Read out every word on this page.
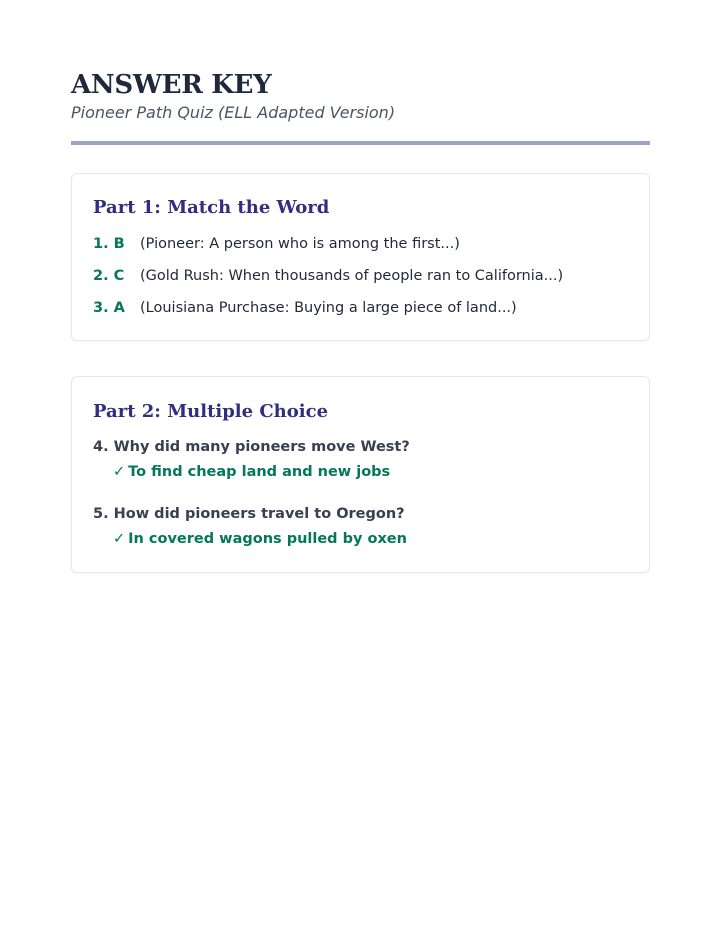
ANSWER KEY

Pioneer Path Quiz (ELL Adapted Version)

Part 1: Match the Word
1. B (Pioneer: A person who is among the first...)
2. C (Gold Rush: When thousands of people ran to California...)
3. A (Louisiana Purchase: Buying a large piece of land...)
Part 2: Multiple Choice
4. Why did many pioneers move West?
✓ To find cheap land and new jobs
5. How did pioneers travel to Oregon?
✓ In covered wagons pulled by oxen
